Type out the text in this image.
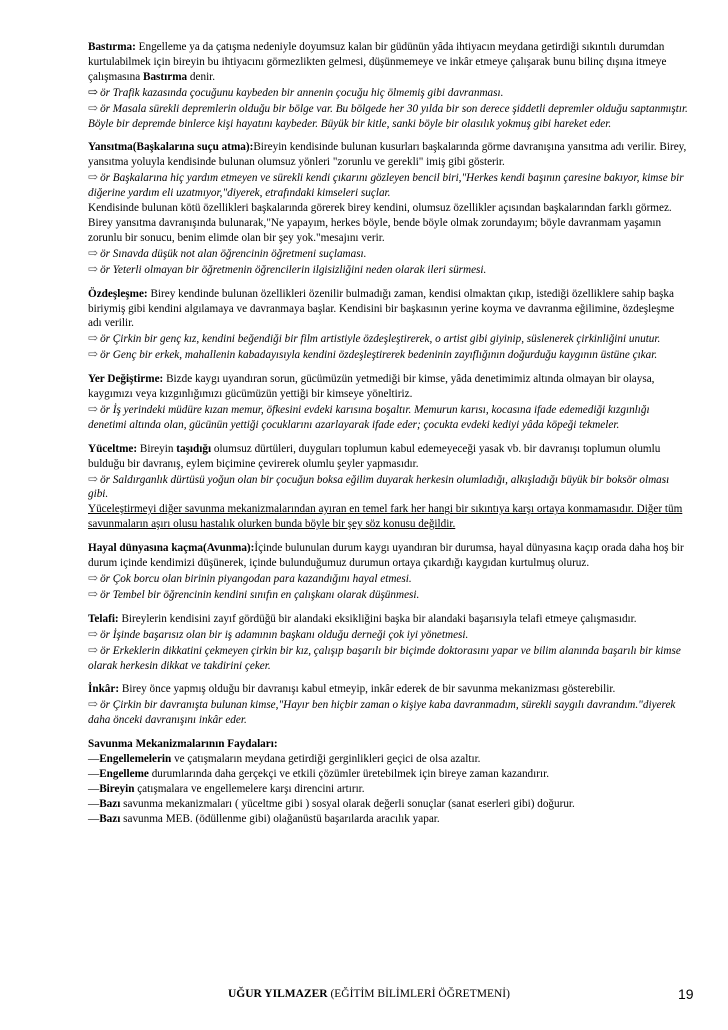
Bastırma: Engelleme ya da çatışma nedeniyle doyumsuz kalan bir güdünün yâda ihtiyacın meydana getirdiği sıkıntılı durumdan kurtulabilmek için bireyin bu ihtiyacını görmezlikten gelmesi, düşünmemeye ve inkâr etmeye çalışarak bunu bilinç dışına itmeye çalışmasına Bastırma denir.

⇨ ör Trafik kazasında çocuğunu kaybeden bir annenin çocuğu hiç ölmemiş gibi davranması.

⇨ ör Masala sürekli depremlerin olduğu bir bölge var. Bu bölgede her 30 yılda bir son derece şiddetli depremler olduğu saptanmıştır. Böyle bir depremde binlerce kişi hayatını kaybeder. Büyük bir kitle, sanki böyle bir olasılık yokmuş gibi hareket eder.

Yansıtma(Başkalarına suçu atma):Bireyin kendisinde bulunan kusurları başkalarında görme davranışına yansıtma adı verilir. Birey, yansıtma yoluyla kendisinde bulunan olumsuz yönleri "zorunlu ve gerekli" imiş gibi gösterir.

⇨ ör Başkalarına hiç yardım etmeyen ve sürekli kendi çıkarını gözleyen bencil biri,"Herkes kendi başının çaresine bakıyor, kimse bir diğerine yardım eli uzatmıyor,"diyerek, etrafındaki kimseleri suçlar.

Kendisinde bulunan kötü özellikleri başkalarında görerek birey kendini, olumsuz özellikler açısından başkalarından farklı görmez. Birey yansıtma davranışında bulunarak,"Ne yapayım, herkes böyle, bende böyle olmak zorundayım; böyle davranmam yaşamın zorunlu bir sonucu, benim elimde olan bir şey yok."mesajını verir.

⇨ ör Sınavda düşük not alan öğrencinin öğretmeni suçlaması.

⇨ ör Yeterli olmayan bir öğretmenin öğrencilerin ilgisizliğini neden olarak ileri sürmesi.

Özdeşleşme: Birey kendinde bulunan özellikleri özenilir bulmadığı zaman, kendisi olmaktan çıkıp, istediği özelliklere sahip başka biriymiş gibi kendini algılamaya ve davranmaya başlar. Kendisini bir başkasının yerine koyma ve davranma eğilimine, özdeşleşme adı verilir.

⇨ ör Çirkin bir genç kız, kendini beğendiği bir film artistiyle özdeşleştirerek, o artist gibi giyinip, süslenerek çirkinliğini unutur.

⇨ ör Genç bir erkek, mahallenin kabadayısıyla kendini özdeşleştirerek bedeninin zayıflığının doğurduğu kaygının üstüne çıkar.

Yer Değiştirme: Bizde kaygı uyandıran sorun, gücümüzün yetmediği bir kimse, yâda denetimimiz altında olmayan bir olaysa, kaygımızı veya kızgınlığımızı gücümüzün yettiği bir kimseye yöneltiriz.

⇨ ör İş yerindeki müdüre kızan memur, öfkesini evdeki karısına boşaltır. Memurun karısı, kocasına ifade edemediği kızgınlığı denetimi altında olan, gücünün yettiği çocuklarını azarlayarak ifade eder; çocukta evdeki kediyi yâda köpeği tekmeler.

Yüceltme: Bireyin taşıdığı olumsuz dürtüleri, duyguları toplumun kabul edemeyeceği yasak vb. bir davranışı toplumun olumlu bulduğu bir davranış, eylem biçimine çevirerek olumlu şeyler yapmasıdır.

⇨ ör Saldırganlık dürtüsü yoğun olan bir çocuğun boksa eğilim duyarak herkesin olumladığı, alkışladığı büyük bir boksör olması gibi.

Yüceleştirmeyi diğer savunma mekanizmalarından ayıran en temel fark her hangi bir sıkıntıya karşı ortaya konmamasıdır. Diğer tüm savunmaların aşırı olusu hastalık olurken bunda böyle bir şey söz konusu değildir.

Hayal dünyasına kaçma(Avunma):İçinde bulunulan durum kaygı uyandıran bir durumsa, hayal dünyasına kaçıp orada daha hoş bir durum içinde kendimizi düşünerek, içinde bulunduğumuz durumun ortaya çıkardığı kaygıdan kurtulmuş oluruz.

⇨ ör Çok borcu olan birinin piyangodan para kazandığını hayal etmesi.

⇨ ör Tembel bir öğrencinin kendini sınıfın en çalışkanı olarak düşünmesi.

Telafi: Bireylerin kendisini zayıf gördüğü bir alandaki eksikliğini başka bir alandaki başarısıyla telafi etmeye çalışmasıdır.

⇨ ör İşinde başarısız olan bir iş adamının başkanı olduğu derneği çok iyi yönetmesi.

⇨ ör Erkeklerin dikkatini çekmeyen çirkin bir kız, çalışıp başarılı bir biçimde doktorasını yapar ve bilim alanında başarılı bir kimse olarak herkesin dikkat ve takdirini çeker.

İnkâr: Birey önce yapmış olduğu bir davranışı kabul etmeyip, inkâr ederek de bir savunma mekanizması gösterebilir.

⇨ ör Çirkin bir davranışta bulunan kimse,"Hayır ben hiçbir zaman o kişiye kaba davranmadım, sürekli saygılı davrandım."diyerek daha önceki davranışını inkâr eder.

Savunma Mekanizmalarının Faydaları:

—Engellemelerin ve çatışmaların meydana getirdiği gerginlikleri geçici de olsa azaltır.

—Engelleme durumlarında daha gerçekçi ve etkili çözümler üretebilmek için bireye zaman kazandırır.

—Bireyin çatışmalara ve engellemelere karşı direncini artırır.

—Bazı savunma mekanizmaları ( yüceltme gibi ) sosyal olarak değerli sonuçlar (sanat eserleri gibi) doğurur.

—Bazı savunma MEB. (ödüllenme gibi) olağanüstü başarılarda aracılık yapar.

UĞUR YILMAZER (EĞİTİM BİLİMLERİ ÖĞRETMENİ)	19
